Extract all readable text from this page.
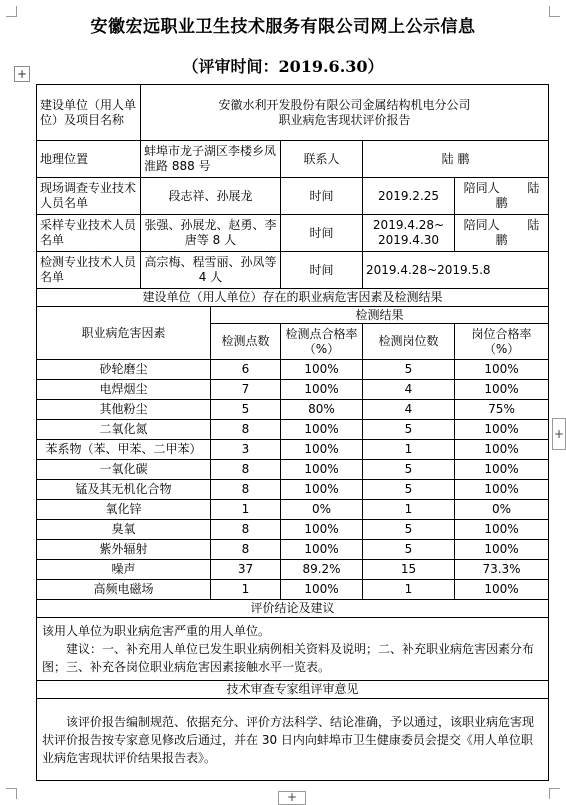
安徽宏远职业卫生技术服务有限公司网上公示信息
（评审时间：2019.6.30）
+
+
+
建设单位（用人单位）及项目名称	安徽水利开发股份有限公司金属结构机电分公司
职业病危害现状评价报告				

地理位置	蚌埠市龙子湖区李楼乡凤淮路 888 号		联系人	陆 鹏	
现场调查专业技术人员名单	段志祥、孙展龙		时间	2019.2.25	陪同人 陆鹏
采样专业技术人员名单	张强、孙展龙、赵勇、李唐等 8 人		时间	2019.4.28~ 2019.4.30	陪同人 陆鹏
检测专业技术人员名单	高宗梅、程雪丽、孙凤等 4 人		时间	2019.4.28~2019.5.8	
建设单位（用人单位）存在的职业病危害因素及检测结果					
职业病危害因素		检测结果			
		检测点数	检测点合格率（%）	检测岗位数	岗位合格率（%）
砂轮磨尘		6	100%	5	100%
电焊烟尘		7	100%	4	100%
其他粉尘		5	80%	4	75%
二氧化氮		8	100%	5	100%
苯系物（苯、甲苯、二甲苯）		3	100%	1	100%
一氧化碳		8	100%	5	100%
锰及其无机化合物		8	100%	5	100%
氧化锌		1	0%	1	0%
臭氧		8	100%	5	100%
紫外辐射		8	100%	5	100%
噪声		37	89.2%	15	73.3%
高频电磁场		1	100%	1	100%
评价结论及建议					

该用人单位为职业病危害严重的用人单位。
建议：一、补充用人单位已发生职业病例相关资料及说明；二、补充职业病危害因素分布图；三、补充各岗位职业病危害因素接触水平一览表。					

技术审查专家组评审意见					
该评价报告编制规范、依据充分、评价方法科学、结论准确，予以通过，该职业病危害现状评价报告按专家意见修改后通过，并在 30 日内向蚌埠市卫生健康委员会提交《用人单位职业病危害现状评价结果报告表》。					
